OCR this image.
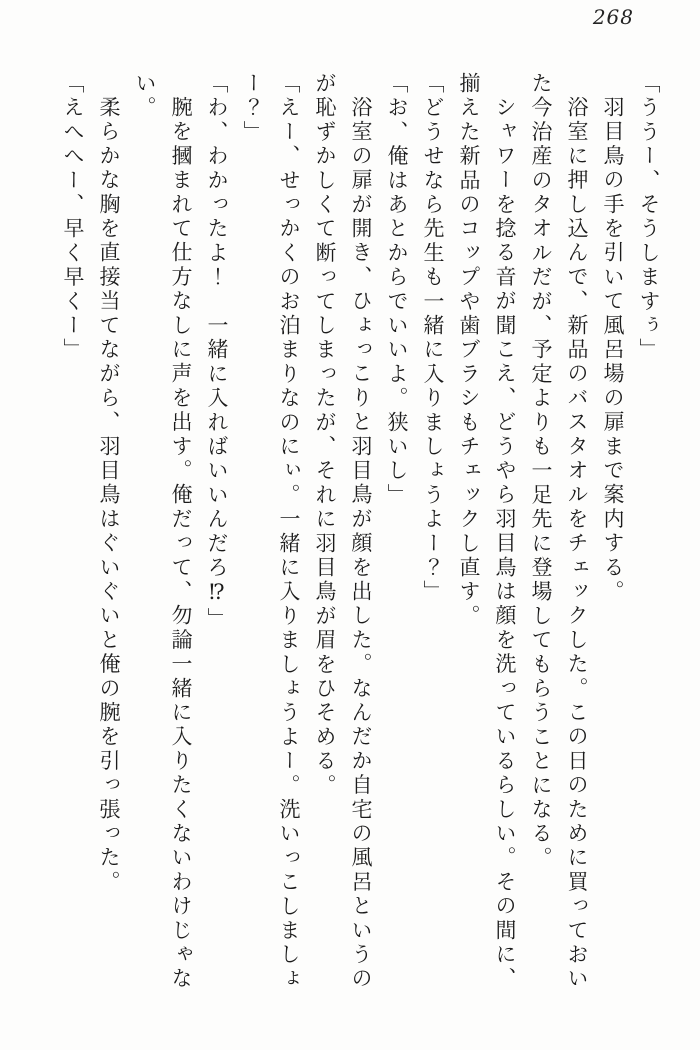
268
「ううー、そうしますぅ」
羽目鳥の手を引いて風呂場の扉まで案内する。
浴室に押し込んで、新品のバスタオルをチェックした。この日のために買っておい
た今治産のタオルだが、予定よりも一足先に登場してもらうことになる。
シャワーを捻る音が聞こえ、どうやら羽目鳥は顔を洗っているらしい。その間に、
揃えた新品のコップや歯ブラシもチェックし直す。
「どうせなら先生も一緒に入りましょうよー？」
「お、俺はあとからでいいよ。狭いし」
浴室の扉が開き、ひょっこりと羽目鳥が顔を出した。なんだか自宅の風呂というの
が恥ずかしくて断ってしまったが、それに羽目鳥が眉をひそめる。
「えー、せっかくのお泊まりなのにぃ。一緒に入りましょうよー。洗いっこしましょ
ー？」
「わ、わかったよ！　一緒に入ればいいんだろ⁉」
腕を摑まれて仕方なしに声を出す。俺だって、勿論一緒に入りたくないわけじゃな
い。
柔らかな胸を直接当てながら、羽目鳥はぐいぐいと俺の腕を引っ張った。
「えへへー、早く早くー」
